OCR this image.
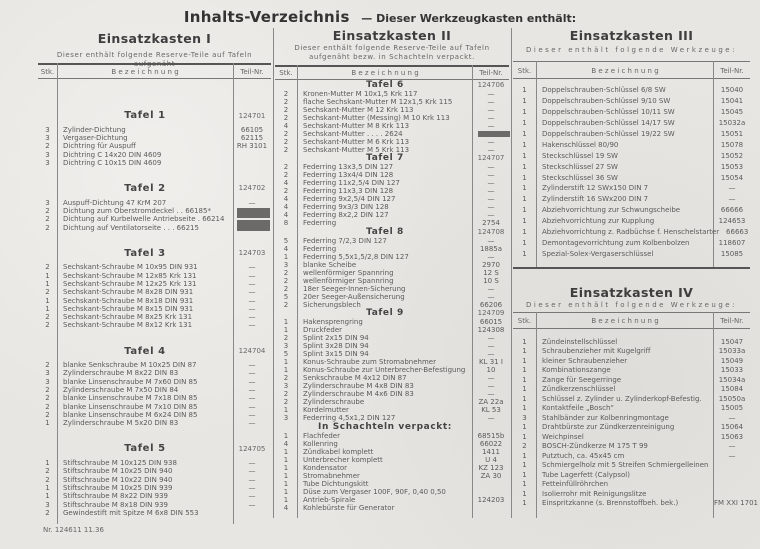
Inhalts-Verzeichnis — Dieser Werkzeugkasten enthält:
Einsatzkasten I
Dieser enthält folgende Reserve-Teile auf Tafeln aufgenäht
Stk.	B e z e i c h n u n g	Teil-Nr.
Tafel 1	124701
3	Zylinder-Dichtung	66105
3	Vergaser-Dichtung	62115
2	Dichtring für Auspuff	RH 3101
3	Dichtring C 14x20 DIN 4609
3	Dichtring C 10x15 DIN 4609
Tafel 2	124702
3	Auspuff-Dichtung 47 KrM 207	—
2	Dichtung zum Oberstromdeckel . . 66185*
2	Dichtung auf Kurbelwelle Antriebseite . 66214
2	Dichtung auf Ventilatorseite . . . 66215
Tafel 3	124703
2	Sechskant-Schraube M 10x95 DIN 931	—
1	Sechskant-Schraube M 12x85 Krk 131	—
1	Sechskant-Schraube M 12x25 Krk 131	—
2	Sechskant-Schraube M 8x28 DIN 931	—
1	Sechskant-Schraube M 8x18 DIN 931	—
1	Sechskant-Schraube M 8x15 DIN 931	—
2	Sechskant-Schraube M 8x25 Krk 131	—
2	Sechskant-Schraube M 8x12 Krk 131	—
Tafel 4	124704
2	blanke Senkschraube M 10x25 DIN 87	—
3	Zylinderschraube M 8x22 DIN 83	—
3	blanke Linsenschraube M 7x60 DIN 85	—
2	Zylinderschraube M 7x50 DIN 84	—
2	blanke Linsenschraube M 7x18 DIN 85	—
2	blanke Linsenschraube M 7x10 DIN 85	—
2	blanke Linsenschraube M 6x24 DIN 85	—
1	Zylinderschraube M 5x20 DIN 83	—
Tafel 5	124705
1	Stiftschraube M 10x125 DIN 938	—
2	Stiftschraube M 10x25 DIN 940	—
2	Stiftschraube M 10x22 DIN 940	—
1	Stiftschraube M 10x25 DIN 939	—
1	Stiftschraube M 8x22 DIN 939	—
3	Stiftschraube M 8x18 DIN 939	—
2	Gewindestift mit Spitze M 6x8 DIN 553
Nr. 124611 11.36
Einsatzkasten II
Dieser enthält folgende Reserve-Teile auf Tafeln aufgenäht bezw. in Schachteln verpackt.
Stk.	B e z e i c h n u n g	Teil-Nr.
Tafel 6	124706
2	Kronen-Mutter M 10x1,5 Krk 117	—
2	flache Sechskant-Mutter M 12x1,5 Krk 115	—
2	Sechskant-Mutter M 12 Krk 113	—
2	Sechskant-Mutter (Messing) M 10 Krk 113	—
4	Sechskant-Mutter M 8 Krk 113	—
2	Sechskant-Mutter . . . . 2624
2	Sechskant-Mutter M 6 Krk 113	—
2	Sechskant-Mutter M 5 Krk 113	—
Tafel 7	124707
2	Federring 13x3,5 DIN 127	—
2	Federring 13x4/4 DIN 128	—
4	Federring 11x2,5/4 DIN 127	—
2	Federring 11x3,3 DIN 128	—
4	Federring 9x2,5/4 DIN 127	—
4	Federring 9x3/3 DIN 128	—
4	Federring 8x2,2 DIN 127	—
8	Federring	2754
Tafel 8	124708
5	Federring 7/2,3 DIN 127	—
4	Federring	1885a
1	Federring 5,5x1,5/2,8 DIN 127	—
3	blanke Scheibe	2970
2	wellenförmiger Spannring	12 S
2	wellenförmiger Spannring	10 S
2	18er Seeger-Innen-Sicherung	—
5	20er Seeger-Außensicherung	—
2	Sicherungsblech	66206
Tafel 9	124709
1	Hakensprengring	66015
1	Druckfeder	124308
2	Splint 2x15 DIN 94	—
3	Splint 3x28 DIN 94	—
5	Splint 3x15 DIN 94	—
1	Konus-Schraube zum Stromabnehmer	KL 31 I
1	Konus-Schraube zur Unterbrecher-Befestigung	10
2	Senkschraube M 4x12 DIN 87	—
3	Zylinderschraube M 4x8 DIN 83	—
2	Zylinderschraube M 4x6 DIN 83	—
2	Zylinderschraube	ZA 22a
1	Kordelmutter	KL 53
3	Federring 4,5x1,2 DIN 127	—
In Schachteln verpackt:
1	Flachfeder	68515b
4	Kollenring	66022
1	Zündkabel komplett	1411
1	Unterbrecher komplett	U 4
1	Kondensator	KZ 123
1	Stromabnehmer	ZA 30
1	Tube Dichtungskitt
1	Düse zum Vergaser 100F, 90F, 0,40 0,50
1	Antrieb-Spirale	124203
4	Kohlebürste für Generator
Einsatzkasten III
Dieser enthält folgende Werkzeuge:
Stk.	B e z e i c h n u n g	Teil-Nr.
1	Doppelschrauben-Schlüssel 6/8 SW	15040
1	Doppelschrauben-Schlüssel 9/10 SW	15041
1	Doppelschrauben-Schlüssel 10/11 SW	15045
1	Doppelschrauben-Schlüssel 14/17 SW	15032a
1	Doppelschrauben-Schlüssel 19/22 SW	15051
1	Hakenschlüssel 80/90	15078
1	Steckschlüssel 19 SW	15052
1	Steckschlüssel 27 SW	15053
1	Steckschlüssel 36 SW	15054
1	Zylinderstift 12 SWx150 DIN 7	—
1	Zylinderstift 16 SWx200 DIN 7	—
1	Abziehvorrichtung zur Schwungscheibe	66666
1	Abziehvorrichtung zur Kupplung	124653
1	Abziehvorrichtung z. Radbüchse f. Henschelstarter 66663
1	Demontagevorrichtung zum Kolbenbolzen	118607
1	Spezial-Solex-Vergaserschlüssel	15085
Einsatzkasten IV
Dieser enthält folgende Werkzeuge:
Stk.	B e z e i c h n u n g	Teil-Nr.
1	Zündeinstellschlüssel	15047
1	Schraubenzieher mit Kugelgriff	15033a
1	kleiner Schraubenzieher	15049
1	Kombinationszange	15033
1	Zange für Seegerringe	15034a
1	Zündkerzenschlüssel	15084
1	Schlüssel z. Zylinder u. Zylinderkopf-Befestig.	15050a
1	Kontaktfeile „Bosch“	15005
3	Stahlbänder zur Kolbenringmontage	—
1	Drahtbürste zur Zündkerzenreinigung	15064
1	Weichpinsel	15063
2	BOSCH-Zündkerze M 175 T 99	—
1	Putztuch, ca. 45x45 cm	—
1	Schmiergelholz mit 5 Streifen Schmiergelleinen
1	Tube Lagerfett (Calypsol)
1	Fetteinfüllröhrchen
1	Isolierrohr mit Reinigungslitze
1	Einspritzkanne (s. Brennstoffbeh. bek.)	FM XXI 1701
